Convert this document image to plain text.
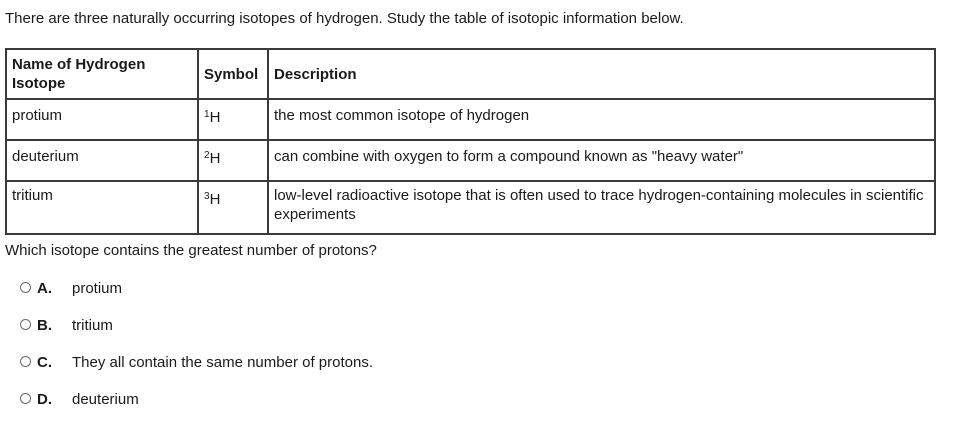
There are three naturally occurring isotopes of hydrogen. Study the table of isotopic information below.
Name of Hydrogen Isotope	Symbol	Description
protium	$^1$H	the most common isotope of hydrogen
deuterium	$^2$H	can combine with oxygen to form a compound known as "heavy water"
tritium	$^3$H	low-level radioactive isotope that is often used to trace hydrogen-containing molecules in scientific experiments
Which isotope contains the greatest number of protons?
A. protium
B. tritium
C. They all contain the same number of protons.
D. deuterium
